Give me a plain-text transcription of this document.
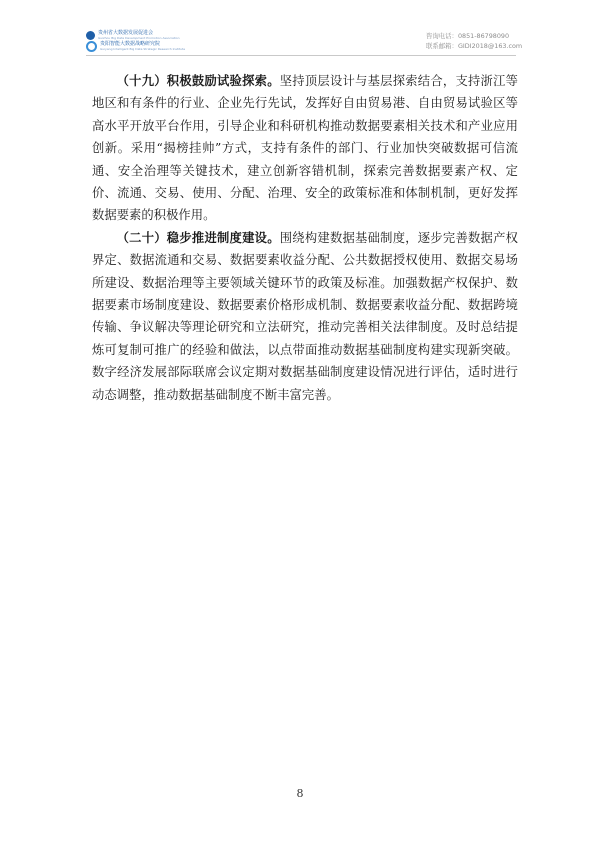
贵州省大数据发展促进会
Guizhou Big Data Development Promotion Association
贵阳智能大数据战略研究院
Guiyang Intelligent Big Data Strategic Research Institute
咨询电话：0851-86798090
联系邮箱：GIDI2018@163.com

（十九）积极鼓励试验探索。坚持顶层设计与基层探索结合，支持浙江等地区和有条件的行业、企业先行先试，发挥好自由贸易港、自由贸易试验区等高水平开放平台作用，引导企业和科研机构推动数据要素相关技术和产业应用创新。采用“揭榜挂帅”方式，支持有条件的部门、行业加快突破数据可信流通、安全治理等关键技术，建立创新容错机制，探索完善数据要素产权、定价、流通、交易、使用、分配、治理、安全的政策标准和体制机制，更好发挥数据要素的积极作用。

（二十）稳步推进制度建设。围绕构建数据基础制度，逐步完善数据产权界定、数据流通和交易、数据要素收益分配、公共数据授权使用、数据交易场所建设、数据治理等主要领域关键环节的政策及标准。加强数据产权保护、数据要素市场制度建设、数据要素价格形成机制、数据要素收益分配、数据跨境传输、争议解决等理论研究和立法研究，推动完善相关法律制度。及时总结提炼可复制可推广的经验和做法，以点带面推动数据基础制度构建实现新突破。数字经济发展部际联席会议定期对数据基础制度建设情况进行评估，适时进行动态调整，推动数据基础制度不断丰富完善。

8
